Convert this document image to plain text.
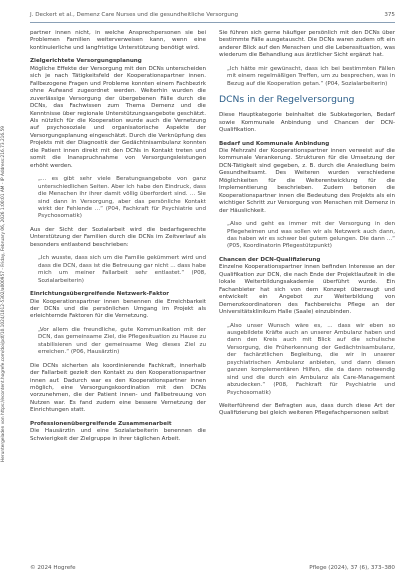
J. Deckert et al., Demenz Care Nurses und die gesundheitliche Versorgung	375
Heruntergeladen von https://econtent.hogrefe.com/doi/pdf/10.1024/1012-5302/a000957 - Friday, February 06, 2026 1:00:01 AM - IP Address:216.73.216.59

partner innen nicht, in welche Ansprechpersonen sie bei Problemen Familien weiterverweisen kann, wenn eine kontinuierliche und langfristige Unterstützung benötigt wird.

Zielgerichtete Versorgungsplanung

Mögliche Effekte der Versorgung mit den DCNs unterscheiden sich je nach Tätigkeitsfeld der Kooperationspartner innen. Fallbezogene Fragen und Probleme konnten einem Fachbezirk ohne Aufwand zugeordnet werden. Weiterhin wurden die zuverlässige Versorgung der übergebenen Fälle durch die DCNs, das Fachwissen zum Thema Demenz und die Kenntnisse über regionale Unterstützungsangebote geschätzt. Als nützlich für die Kooperation wurde auch die Vernetzung auf psychosoziale und organisatorische Aspekte der Versorgungsplanung eingeschätzt. Durch die Verknüpfung des Projekts mit der Diagnostik der Gedächtnisambulanz konnten die Patient innen direkt mit den DCNs in Kontakt treten und somit die Inanspruchnahme von Versorgungsleistungen erhöht werden.

„... es gibt sehr viele Beratungsangebote von ganz unterschiedlichen Seiten. Aber ich habe den Eindruck, dass die Menschen ihr ihrer damit völlig überfordert sind. ... Sie sind dann in Versorgung, aber das persönliche Kontakt wirkt der Fehlende ...“ (P04, Fachkraft für Psychiatrie und Psychosomatik)

Aus der Sicht der Sozialarbeit wird die bedarfsgerechte Unterstützung der Familien durch die DCNs im Zeitverlauf als besonders entlastend beschrieben:

„Ich wusste, dass sich um die Familie gekümmert wird und dass die DCN, dass ist die Betreuung gar nicht ... dass habe mich um meiner Fallarbeit sehr entlastet.“ (P08, Sozialarbeiterin)

Einrichtungsübergreifende Netzwerk-Faktor

Die Kooperationspartner innen benennen die Erreichbarkeit der DCNs und die persönlichen Umgang im Projekt als erleichternde Faktoren für die Vernetzung.

„Vor allem die freundliche, gute Kommunikation mit der DCN, das gemeinsame Ziel, die Pflegesituation zu Hause zu stabilisieren und der gemeinsame Weg dieses Ziel zu erreichen.“ (P06, Hausärztin)

Die DCNs sicherten als koordinierende Fachkraft, innerhalb der Fallarbeit gezielt den Kontakt zu den Kooperationspartner innen auf. Dadurch war es den Kooperationspartner innen möglich, eine Versorgungskoordination mit den DCNs vorzunehmen, die der Patient innen- und Fallbetreuung von Nutzen war. Es fand zudem eine bessere Vernetzung der Einrichtungen statt.

Professionenübergreifende Zusammenarbeit

Die Hausärztin und eine Sozialarbeiterin benennen die Schwierigkeit der Zielgruppe in ihrer täglichen Arbeit.

Sie führen sich gerne häufiger persönlich mit den DCNs über bestimmte Fälle ausgetauscht. Die DCNs waren zudem oft ein anderer Blick auf den Menschen und die Lebenssituation, was wiederum die Behandlung aus ärztlicher Sicht ergänzt hat.

„Ich hätte mir gewünscht, dass ich bei bestimmten Fällen mit einem regelmäßigen Treffen, um zu besprechen, was in Bezug auf die Kooperation getan.“ (P04, Sozialarbeiterin)

DCNs in der Regelversorgung

Diese Hauptkategorie beinhaltet die Subkategorien, Bedarf sowie Kommunale Anbindung und Chancen der DCN-Qualifikation.

Bedarf und Kommunale Anbindung

Die Mehrzahl der Kooperationspartner innen verweist auf die kommunale Verankerung. Strukturen für die Umsetzung der DCN-Tätigkeit sind gegeben, z. B. durch die Ansiedlung beim Gesundheitsamt. Des Weiteren wurden verschiedene Möglichkeiten für die Weiterentwicklung für die Implementierung beschrieben. Zudem betonen die Kooperationspartner innen die Bedeutung des Projekts als ein wichtiger Schritt zur Versorgung von Menschen mit Demenz in der Häuslichkeit.

„Also und geht es immer mit der Versorgung in den Pflegeheimen und was sollen wir als Netzwerk auch dann, das haben wir es schwer bei gutem gelungen. Die dann ...“ (P05, Koordinatorin Pflegestützpunkt)

Chancen der DCN-Qualifizierung

Einzelne Kooperationspartner innen befinden Interesse an der Qualifikation zur DCN, die nach Ende der Projektlaufzeit in die lokale Weiterbildungsakademie überführt wurde. Ein Fachanbieter hat sich von dem Konzept überzeugt und entwickelt ein Angebot zur Weiterbildung von Demenzkoordinatoren des Fachbereichs Pflege an der Universitätsklinikum Halle (Saale) einzubinden.

„Also unser Wunsch wäre es, ... dass wir eben so ausgebildete Kräfte auch an unserer Ambulanz haben und dann den Kreis auch mit Blick auf die schulische Versorgung, die Früherkennung der Gedächtnisambulanz, der fachärztlichen Begleitung, die wir in unserer psychiatrischen Ambulanz anbieten, und dann diesen ganzen komplementären Hilfen, die da dann notwendig sind und die durch ein Ambulanz als Care-Management abzudecken.“ (P08, Fachkraft für Psychiatrie und Psychosomatik)

Weiterführend der Befragten aus, dass durch diese Art der Qualifizierung bei gleich weiteren Pflegefachpersonen selbst

© 2024 Hogrefe	Pflege (2024), 37 (6), 373–380
